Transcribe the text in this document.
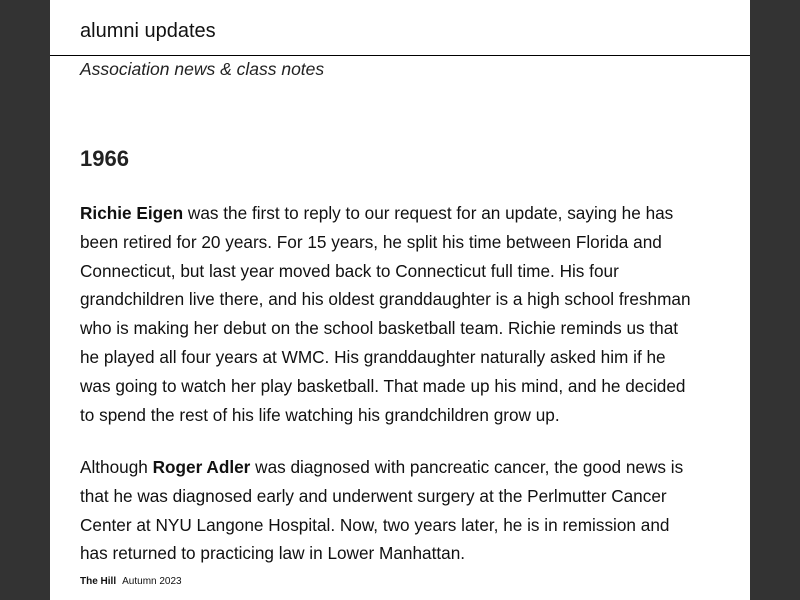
alumni updates
Association news & class notes
1966

Richie Eigen was the first to reply to our request for an update, saying he has
been retired for 20 years. For 15 years, he split his time between Florida and
Connecticut, but last year moved back to Connecticut full time. His four
grandchildren live there, and his oldest granddaughter is a high school freshman
who is making her debut on the school basketball team. Richie reminds us that
he played all four years at WMC. His granddaughter naturally asked him if he
was going to watch her play basketball. That made up his mind, and he decided
to spend the rest of his life watching his grandchildren grow up.

Although Roger Adler was diagnosed with pancreatic cancer, the good news is
that he was diagnosed early and underwent surgery at the Perlmutter Cancer
Center at NYU Langone Hospital. Now, two years later, he is in remission and
has returned to practicing law in Lower Manhattan.

The Hill Autumn 2023
